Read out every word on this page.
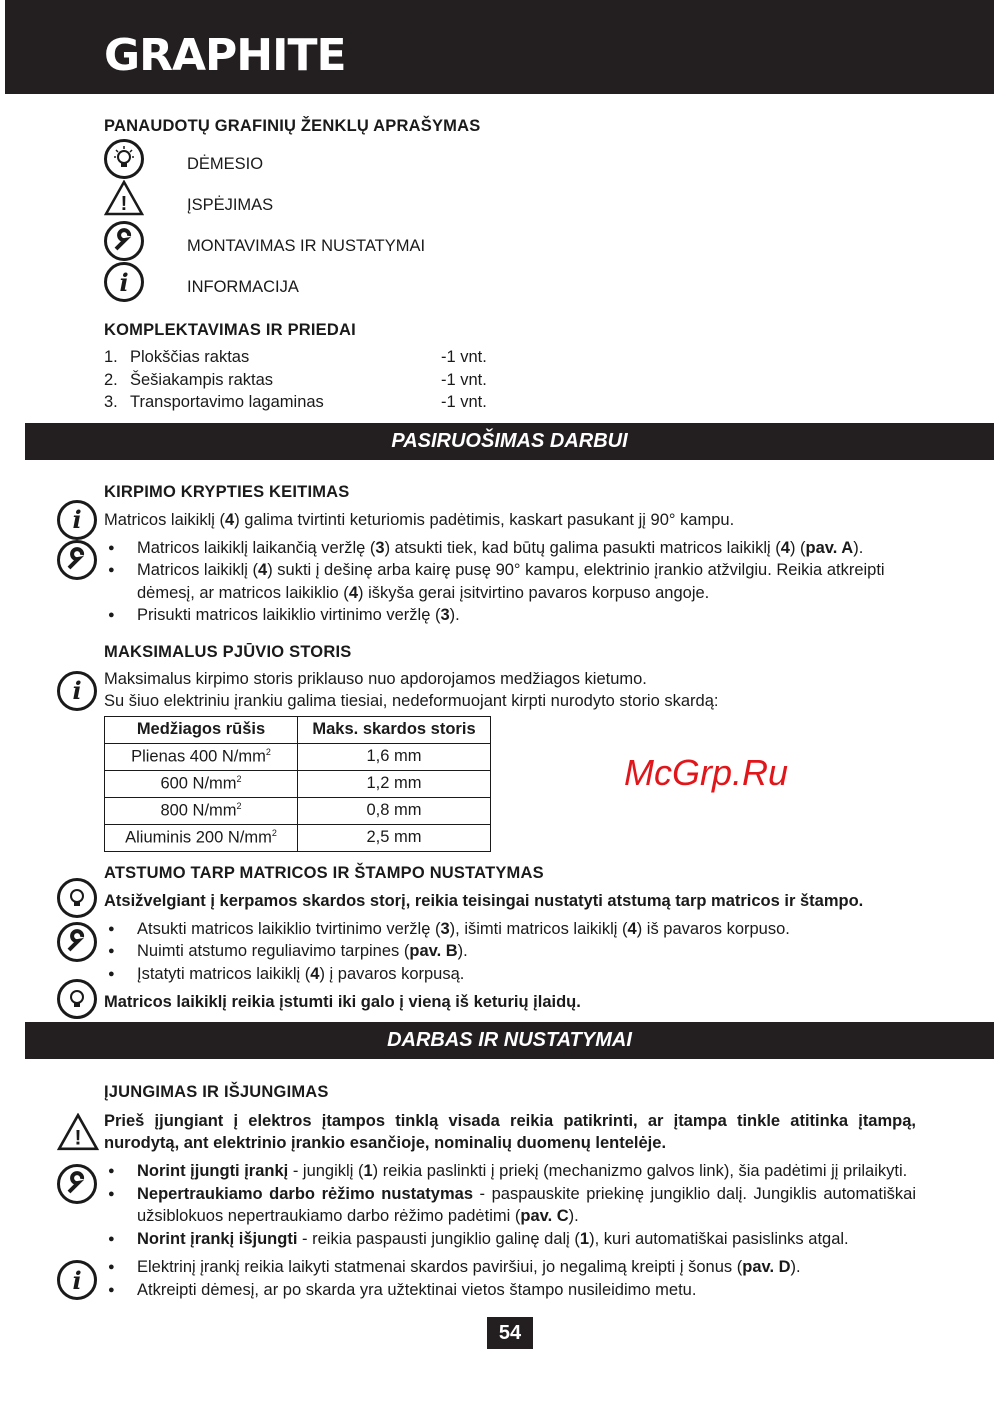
GRAPHITE
PANAUDOTŲ GRAFINIŲ ŽENKLŲ APRAŠYMAS
DĖMESIO
!	ĮSPĖJIMAS
MONTAVIMAS IR NUSTATYMAI
i	INFORMACIJA
KOMPLEKTAVIMAS IR PRIEDAI
1. Plokščias raktas	-1 vnt.
2. Šešiakampis raktas	-1 vnt.
3. Transportavimo lagaminas	-1 vnt.
PASIRUOŠIMAS DARBUI
KIRPIMO KRYPTIES KEITIMAS
i	Matricos laikiklį (4) galima tvirtinti keturiomis padėtimis, kaskart pasukant jį 90° kampu.
● Matricos laikiklį laikančią veržlę (3) atsukti tiek, kad būtų galima pasukti matricos laikiklį (4) (pav. A).
● Matricos laikiklį (4) sukti į dešinę arba kairę pusę 90° kampu, elektrinio įrankio atžvilgiu. Reikia atkreipti dėmesį, ar matricos laikiklio (4) iškyša gerai įsitvirtino pavaros korpuso angoje.
● Prisukti matricos laikiklio virtinimo veržlę (3).
MAKSIMALUS PJŪVIO STORIS
i	Maksimalus kirpimo storis priklauso nuo apdorojamos medžiagos kietumo.
Su šiuo elektriniu įrankiu galima tiesiai, nedeformuojant kirpti nurodyto storio skardą:
Medžiagos rūšis	Maks. skardos storis
Plienas 400 $N/mm^2$	1,6 mm
600 $N/mm^2$	1,2 mm
800 $N/mm^2$	0,8 mm
Aliuminis 200 $N/mm^2$	2,5 mm
McGrp.Ru
ATSTUMO TARP MATRICOS IR ŠTAMPO NUSTATYMAS
Atsižvelgiant į kerpamos skardos storį, reikia teisingai nustatyti atstumą tarp matricos ir štampo.
● Atsukti matricos laikiklio tvirtinimo veržlę (3), išimti matricos laikiklį (4) iš pavaros korpuso.
● Nuimti atstumo reguliavimo tarpines (pav. B).
● Įstatyti matricos laikiklį (4) į pavaros korpusą.
Matricos laikiklį reikia įstumti iki galo į vieną iš keturių įlaidų.
DARBAS IR NUSTATYMAI
ĮJUNGIMAS IR IŠJUNGIMAS
!
Prieš įjungiant į elektros įtampos tinklą visada reikia patikrinti, ar įtampa tinkle atitinka įtampą, nurodytą, ant elektrinio įrankio esančioje, nominalių duomenų lentelėje.
● Norint įjungti įrankį - jungiklį (1) reikia paslinkti į priekį (mechanizmo galvos link), šia padėtimi jį prilaikyti.
● Nepertraukiamo darbo rėžimo nustatymas - paspauskite priekinę jungiklio dalį. Jungiklis automatiškai užsiblokuos nepertraukiamo darbo rėžimo padėtimi (pav. C).
● Norint įrankį išjungti - reikia paspausti jungiklio galinę dalį (1), kuri automatiškai pasislinks atgal.
i	● Elektrinį įrankį reikia laikyti statmenai skardos paviršiui, jo negalimą kreipti į šonus (pav. D).
● Atkreipti dėmesį, ar po skarda yra užtektinai vietos štampo nusileidimo metu.
54
